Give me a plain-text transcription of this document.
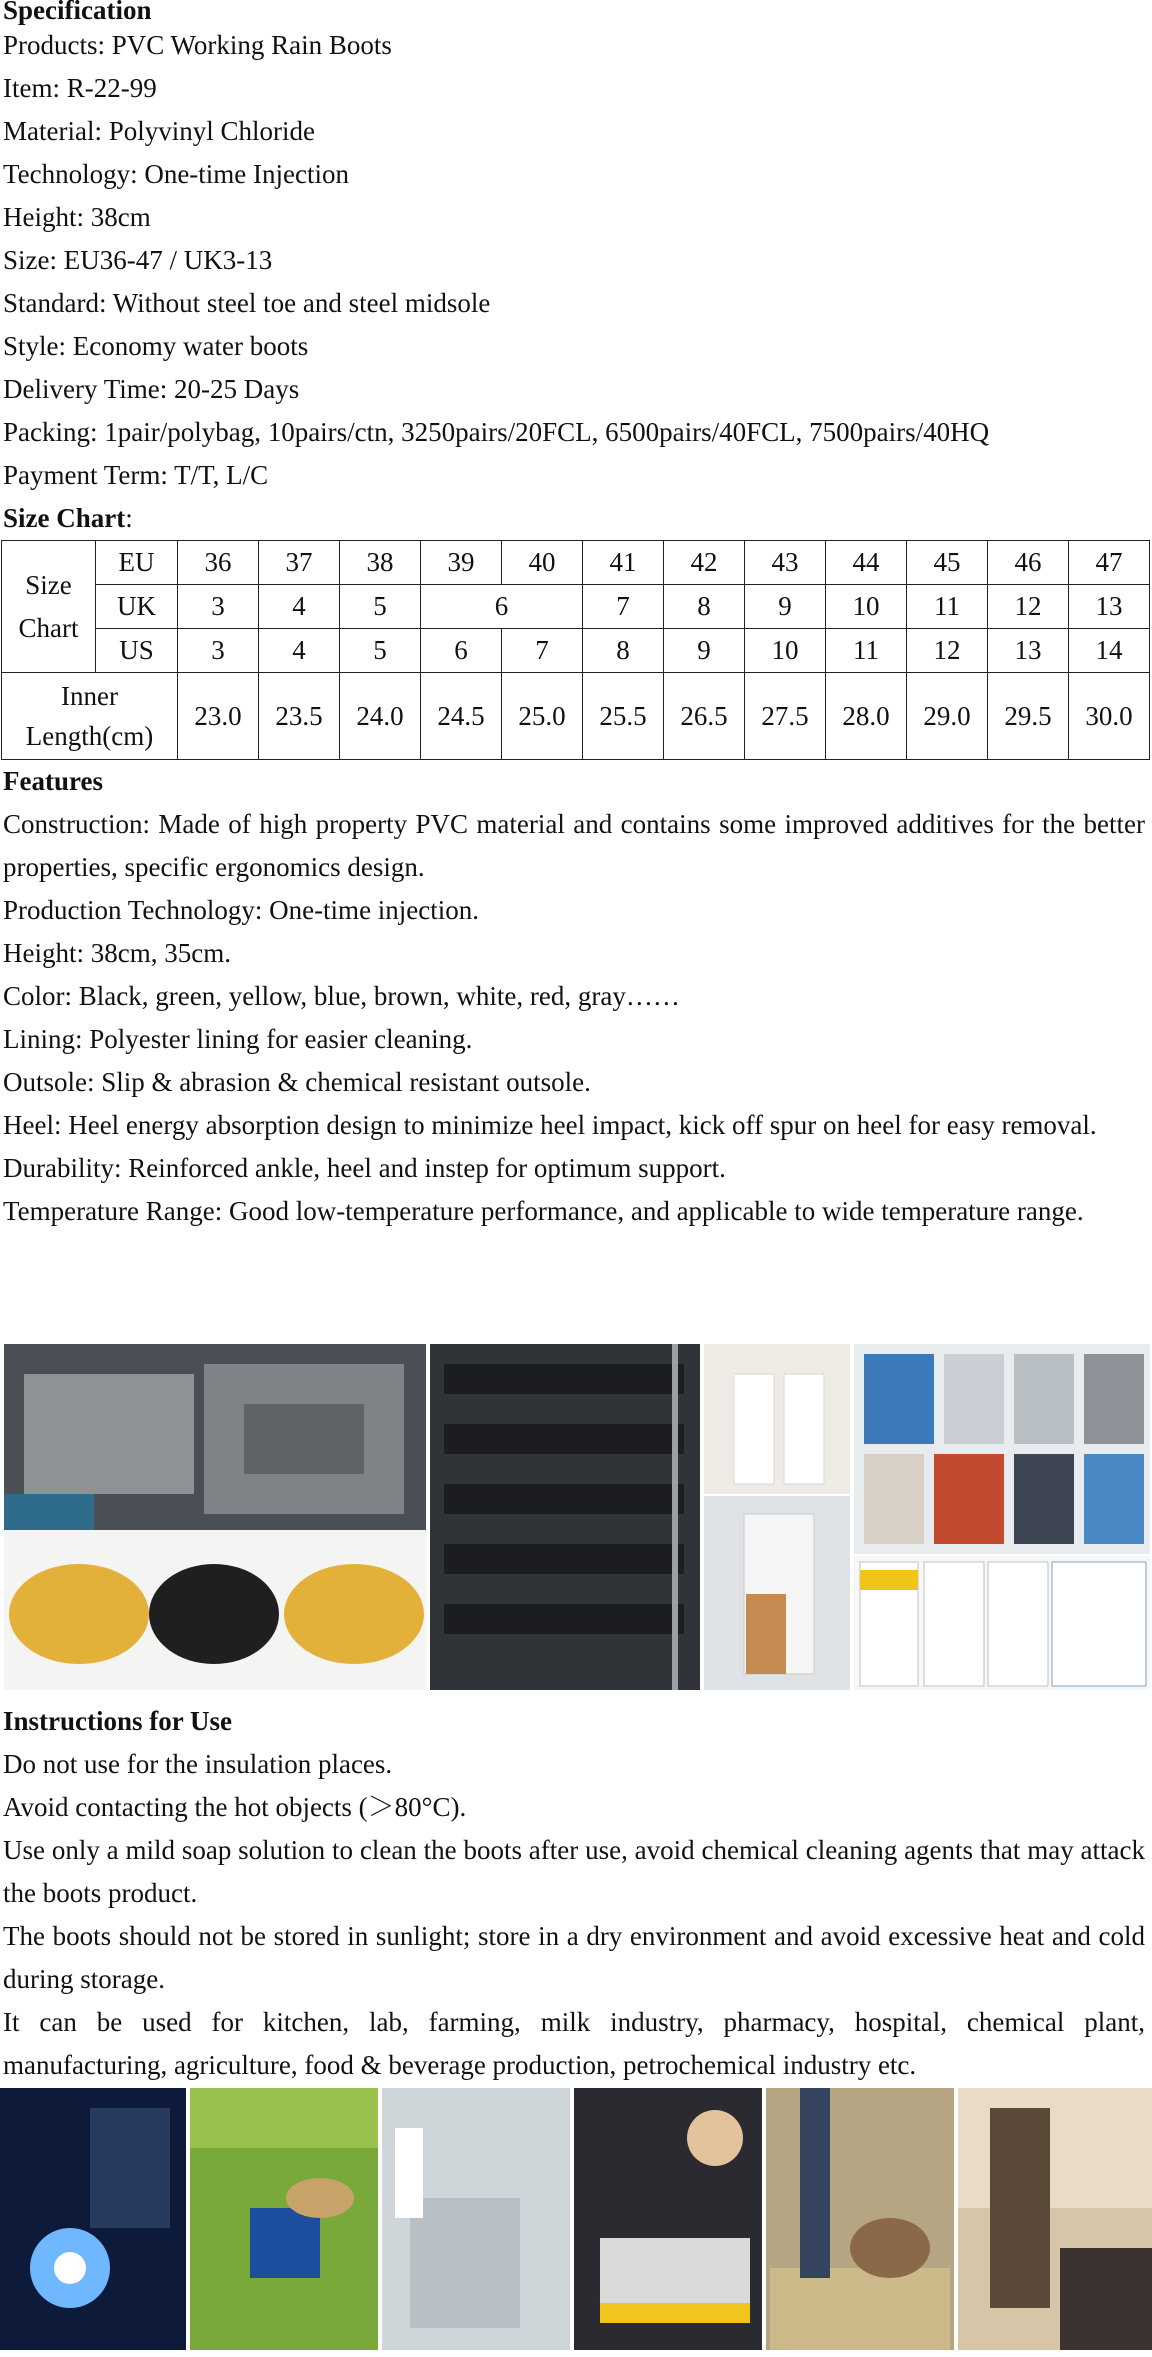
Specification
Products: PVC Working Rain Boots
Item: R-22-99
Material: Polyvinyl Chloride
Technology: One-time Injection
Height: 38cm
Size: EU36-47 / UK3-13
Standard: Without steel toe and steel midsole
Style: Economy water boots
Delivery Time: 20-25 Days
Packing: 1pair/polybag, 10pairs/ctn, 3250pairs/20FCL, 6500pairs/40FCL, 7500pairs/40HQ
Payment Term: T/T, L/C
Size Chart:
Size Chart	EU	36	37	38	39	40	41	42	43	44	45	46	47
	UK	3	4	5	6		7	8	9	10	11	12	13
	US	3	4	5	6	7	8	9	10	11	12	13	14

Inner
Length(cm)		23.0	23.5	24.0	24.5	25.0	25.5	26.5	27.5	28.0	29.0	29.5	30.0
Features
Construction: Made of high property PVC material and contains some improved additives for the better properties, specific ergonomics design.
Production Technology: One-time injection.
Height: 38cm, 35cm.
Color: Black, green, yellow, blue, brown, white, red, gray……
Lining: Polyester lining for easier cleaning.
Outsole: Slip & abrasion & chemical resistant outsole.
Heel: Heel energy absorption design to minimize heel impact, kick off spur on heel for easy removal.
Durability: Reinforced ankle, heel and instep for optimum support.
Temperature Range: Good low-temperature performance, and applicable to wide temperature range.
Instructions for Use
Do not use for the insulation places.
Avoid contacting the hot objects (＞80°C).
Use only a mild soap solution to clean the boots after use, avoid chemical cleaning agents that may attack the boots product.
The boots should not be stored in sunlight; store in a dry environment and avoid excessive heat and cold during storage.
It can be used for kitchen, lab, farming, milk industry, pharmacy, hospital, chemical plant, manufacturing, agriculture, food & beverage production, petrochemical industry etc.
